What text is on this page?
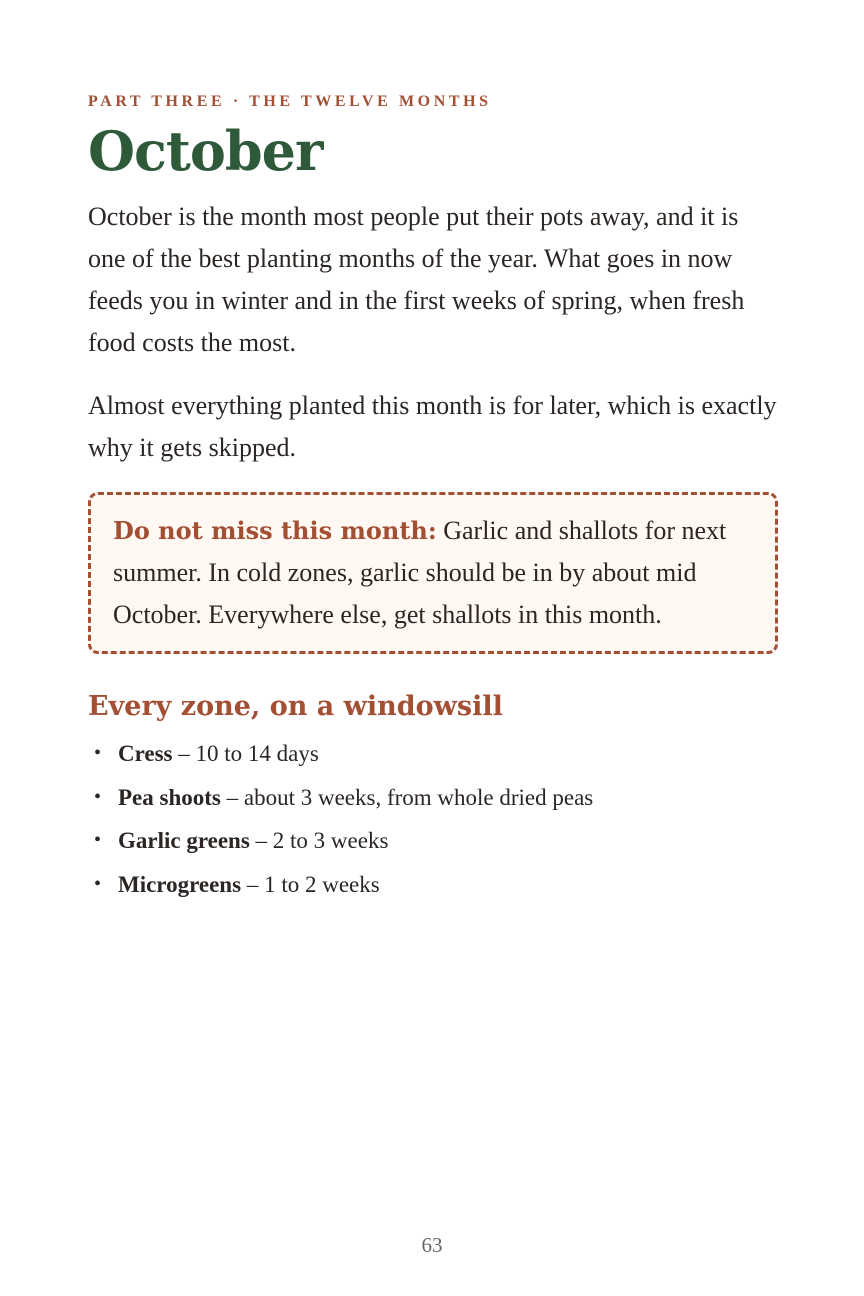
PART THREE · THE TWELVE MONTHS

October

October is the month most people put their pots away, and it is one of the best planting months of the year. What goes in now feeds you in winter and in the first weeks of spring, when fresh food costs the most.

Almost everything planted this month is for later, which is exactly why it gets skipped.

Do not miss this month: Garlic and shallots for next summer. In cold zones, garlic should be in by about mid October. Everywhere else, get shallots in this month.

Every zone, on a windowsill
• Cress – 10 to 14 days
• Pea shoots – about 3 weeks, from whole dried peas
• Garlic greens – 2 to 3 weeks
• Microgreens – 1 to 2 weeks
63
